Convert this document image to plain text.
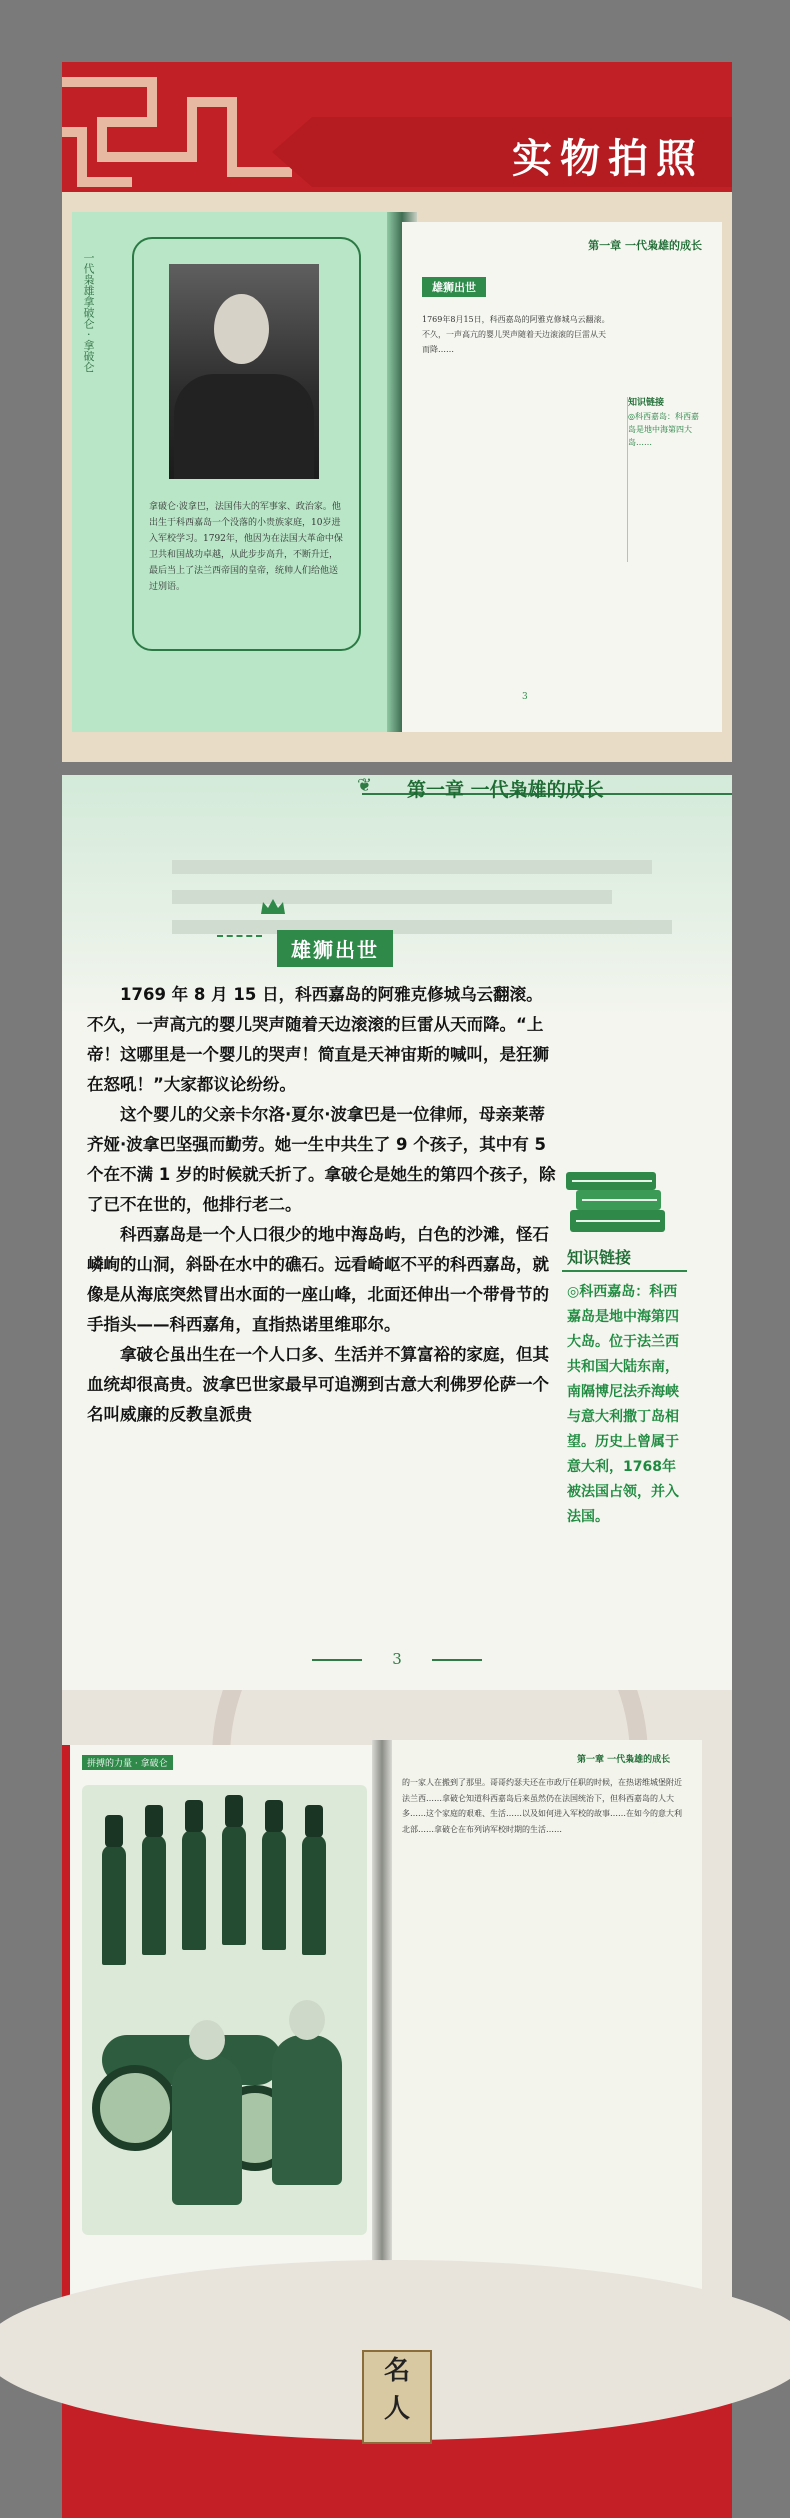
实物拍照
一代枭雄拿破仑 · 拿破仑
拿破仑·波拿巴，法国伟大的军事家、政治家。他出生于科西嘉岛一个没落的小贵族家庭，10岁进入军校学习。1792年，他因为在法国大革命中保卫共和国战功卓越，从此步步高升，不断升迁，最后当上了法兰西帝国的皇帝，统帅人们给他送过别语。
第一章 一代枭雄的成长
雄狮出世
1769年8月15日，科西嘉岛的阿雅克修城乌云翻滚。不久，一声高亢的婴儿哭声随着天边滚滚的巨雷从天而降……
知识链接
◎科西嘉岛：科西嘉岛是地中海第四大岛……
3
❦ 第一章 一代枭雄的成长
雄狮出世

1769 年 8 月 15 日，科西嘉岛的阿雅克修城乌云翻滚。不久，一声高亢的婴儿哭声随着天边滚滚的巨雷从天而降。“上帝！这哪里是一个婴儿的哭声！简直是天神宙斯的喊叫，是狂狮在怒吼！”大家都议论纷纷。

这个婴儿的父亲卡尔洛·夏尔·波拿巴是一位律师，母亲莱蒂齐娅·波拿巴坚强而勤劳。她一生中共生了 9 个孩子，其中有 5 个在不满 1 岁的时候就夭折了。拿破仑是她生的第四个孩子，除了已不在世的，他排行老二。

科西嘉岛是一个人口很少的地中海岛屿，白色的沙滩，怪石嶙峋的山洞，斜卧在水中的礁石。远看崎岖不平的科西嘉岛，就像是从海底突然冒出水面的一座山峰，北面还伸出一个带骨节的手指头——科西嘉角，直指热诺里维耶尔。

拿破仑虽出生在一个人口多、生活并不算富裕的家庭，但其血统却很高贵。波拿巴世家最早可追溯到古意大利佛罗伦萨一个名叫威廉的反教皇派贵

知识链接
◎科西嘉岛：科西嘉岛是地中海第四大岛。位于法兰西共和国大陆东南，南隔博尼法乔海峡与意大利撒丁岛相望。历史上曾属于意大利，1768年被法国占领，并入法国。
3
拼搏的力量 · 拿破仑	第一章 一代枭雄的成长
的一家人在搬到了那里。哥哥约瑟夫还在市政厅任职的时候，在热诺维城堡附近法兰西……拿破仑知道科西嘉岛后来虽然仍在法国统治下，但科西嘉岛的人大多……这个家庭的艰难、生活……以及如何进入军校的故事……在如今的意大利北部……拿破仑在布列讷军校时期的生活……
名
人
